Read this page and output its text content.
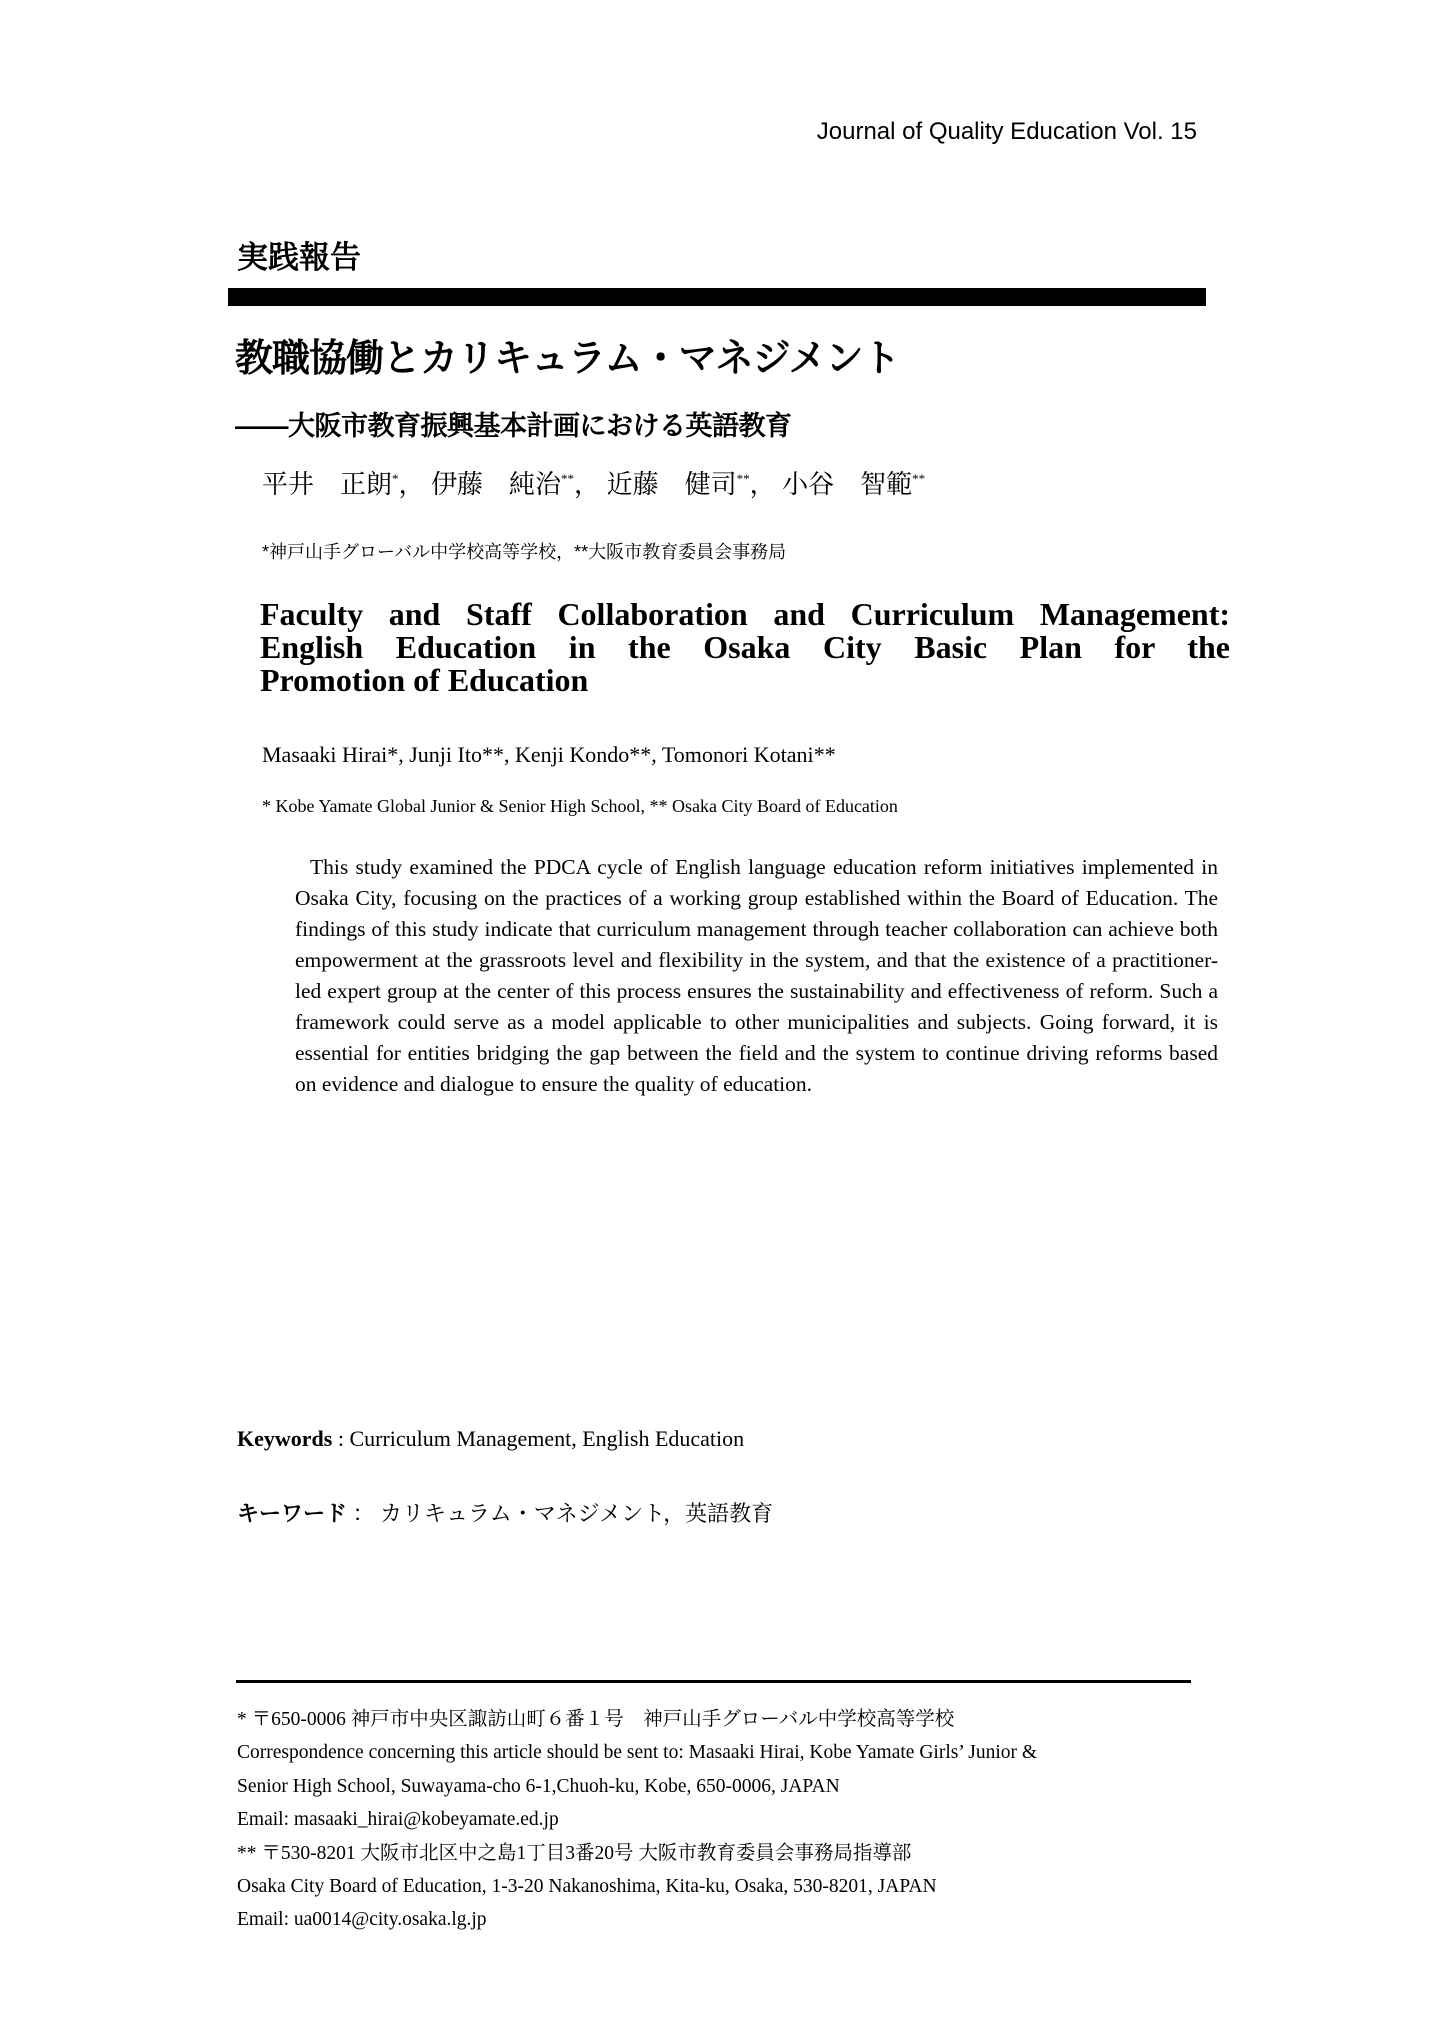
Journal of Quality Education Vol. 15
実践報告
教職協働とカリキュラム・マネジメント
――大阪市教育振興基本計画における英語教育
平井　正朗*， 伊藤　純治**， 近藤　健司**， 小谷　智範**
*神戸山手グローバル中学校高等学校，**大阪市教育委員会事務局
Faculty and Staff Collaboration and Curriculum Management:
English Education in the Osaka City Basic Plan for the
Promotion of Education
Masaaki Hirai*, Junji Ito**, Kenji Kondo**, Tomonori Kotani**
* Kobe Yamate Global Junior & Senior High School, ** Osaka City Board of Education
This study examined the PDCA cycle of English language education reform initiatives implemented in Osaka City, focusing on the practices of a working group established within the Board of Education. The findings of this study indicate that curriculum management through teacher collaboration can achieve both empowerment at the grassroots level and flexibility in the system, and that the existence of a practitioner-led expert group at the center of this process ensures the sustainability and effectiveness of reform. Such a framework could serve as a model applicable to other municipalities and subjects. Going forward, it is essential for entities bridging the gap between the field and the system to continue driving reforms based on evidence and dialogue to ensure the quality of education.
Keywords : Curriculum Management, English Education
キーワード ： カリキュラム・マネジメント，英語教育
* 〒650-0006 神戸市中央区諏訪山町６番１号　神戸山手グローバル中学校高等学校
Correspondence concerning this article should be sent to: Masaaki Hirai, Kobe Yamate Girls’ Junior &
Senior High School, Suwayama-cho 6-1,Chuoh-ku, Kobe, 650-0006, JAPAN
Email: masaaki_hirai@kobeyamate.ed.jp
** 〒530-8201 大阪市北区中之島1丁目3番20号 大阪市教育委員会事務局指導部
Osaka City Board of Education, 1-3-20 Nakanoshima, Kita-ku, Osaka, 530-8201, JAPAN
Email: ua0014@city.osaka.lg.jp
